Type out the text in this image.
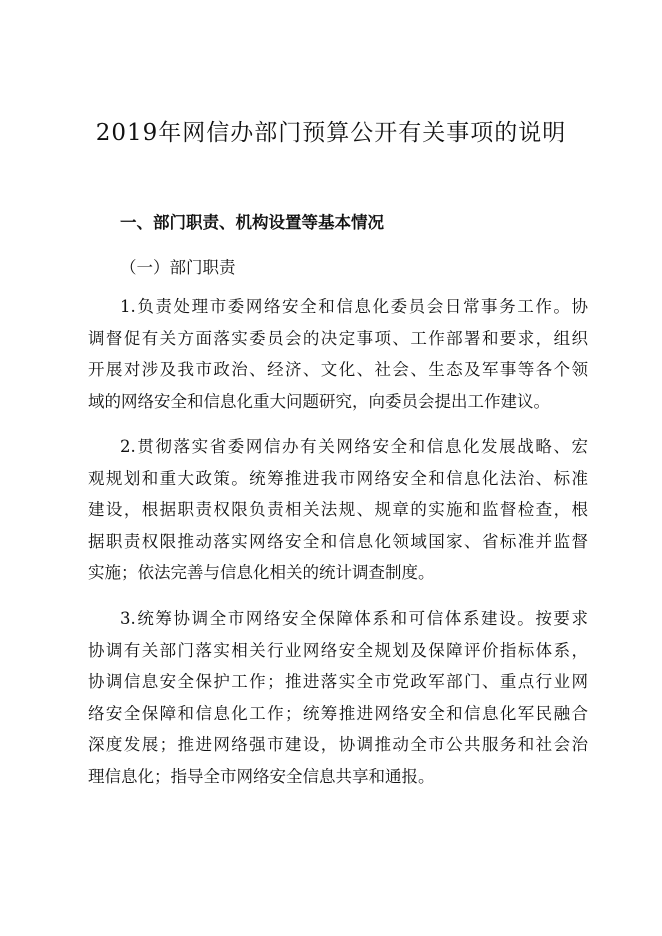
2019年网信办部门预算公开有关事项的说明
一、部门职责、机构设置等基本情况
（一）部门职责
1.负责处理市委网络安全和信息化委员会日常事务工作。协
调督促有关方面落实委员会的决定事项、工作部署和要求，组织
开展对涉及我市政治、经济、文化、社会、生态及军事等各个领
域的网络安全和信息化重大问题研究，向委员会提出工作建议。
2.贯彻落实省委网信办有关网络安全和信息化发展战略、宏
观规划和重大政策。统筹推进我市网络安全和信息化法治、标准
建设，根据职责权限负责相关法规、规章的实施和监督检查，根
据职责权限推动落实网络安全和信息化领域国家、省标准并监督
实施；依法完善与信息化相关的统计调查制度。
3.统筹协调全市网络安全保障体系和可信体系建设。按要求
协调有关部门落实相关行业网络安全规划及保障评价指标体系，
协调信息安全保护工作；推进落实全市党政军部门、重点行业网
络安全保障和信息化工作；统筹推进网络安全和信息化军民融合
深度发展；推进网络强市建设，协调推动全市公共服务和社会治
理信息化；指导全市网络安全信息共享和通报。
